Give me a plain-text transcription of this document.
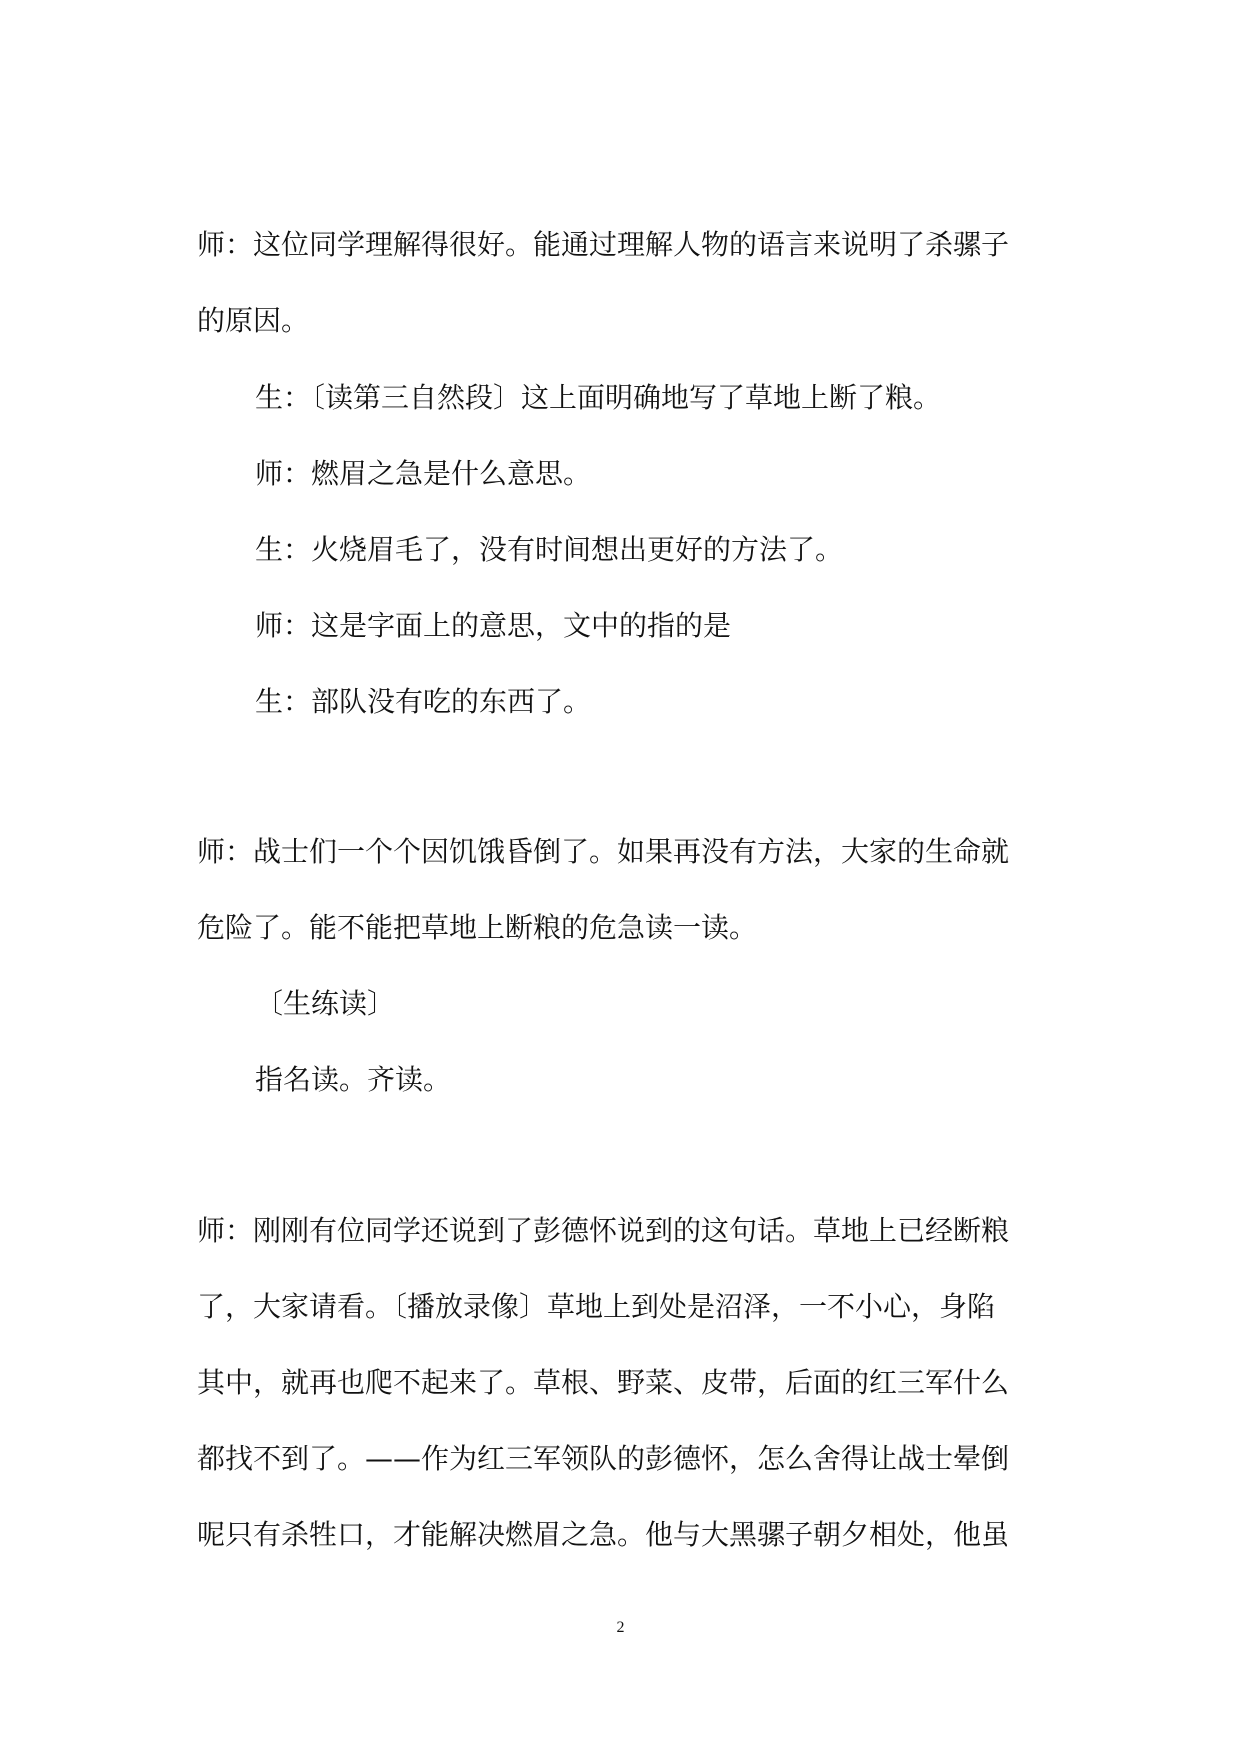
师：这位同学理解得很好。能通过理解人物的语言来说明了杀骡子
的原因。
生：〔读第三自然段〕这上面明确地写了草地上断了粮。
师：燃眉之急是什么意思。
生：火烧眉毛了，没有时间想出更好的方法了。
师：这是字面上的意思，文中的指的是
生：部队没有吃的东西了。
师：战士们一个个因饥饿昏倒了。如果再没有方法，大家的生命就
危险了。能不能把草地上断粮的危急读一读。
〔生练读〕
指名读。齐读。
师：刚刚有位同学还说到了彭德怀说到的这句话。草地上已经断粮
了，大家请看。〔播放录像〕草地上到处是沼泽，一不小心，身陷
其中，就再也爬不起来了。草根、野菜、皮带，后面的红三军什么
都找不到了。——作为红三军领队的彭德怀，怎么舍得让战士晕倒
呢只有杀牲口，才能解决燃眉之急。他与大黑骡子朝夕相处，他虽
2
